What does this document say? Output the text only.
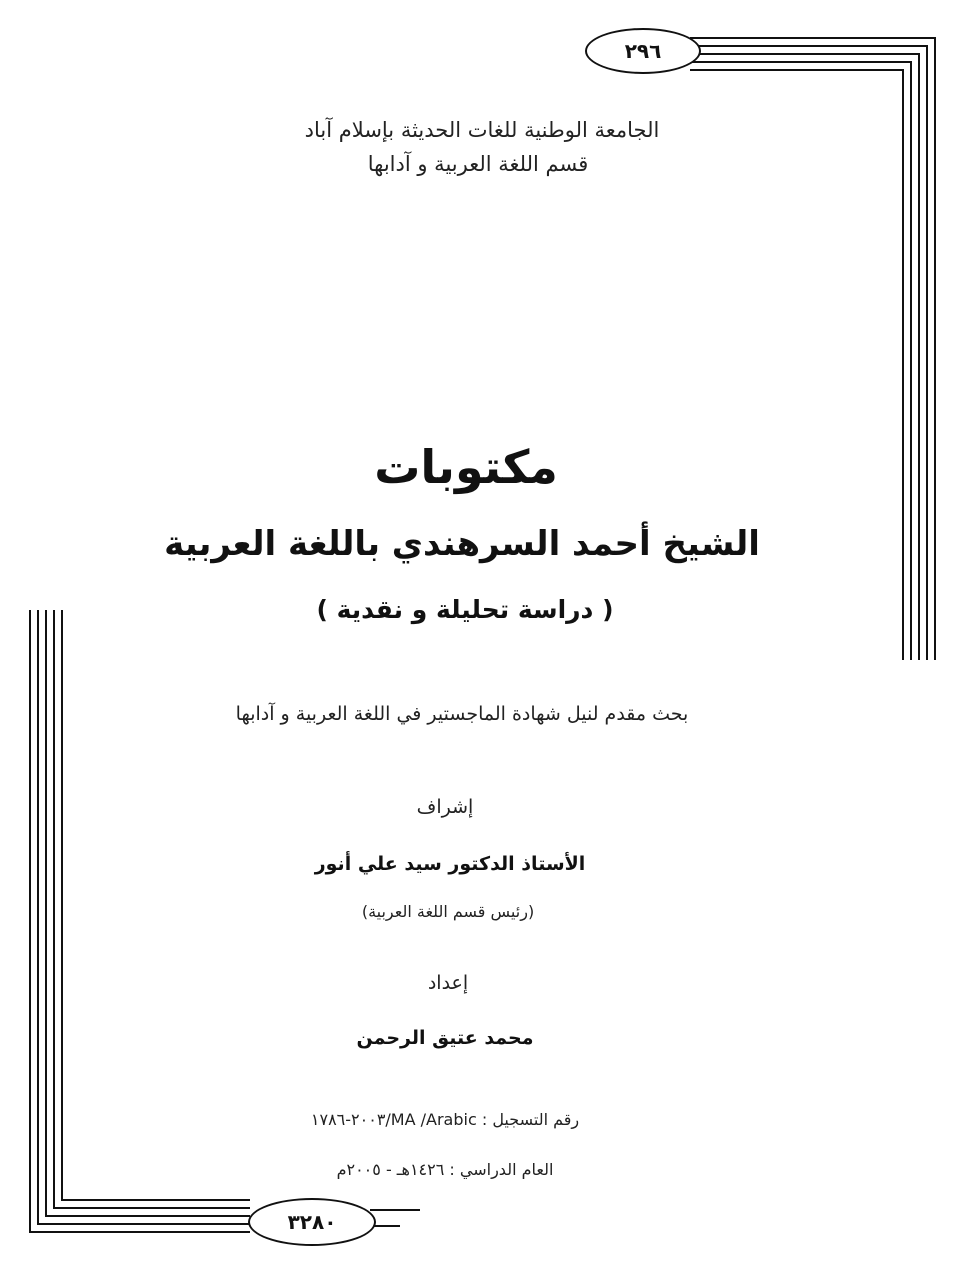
٢٩٦
٣٢٨٠
الجامعة الوطنية للغات الحديثة بإسلام آباد
قسم اللغة العربية و آدابها
مكتوبات
الشيخ أحمد السرهندي باللغة العربية
( دراسة تحليلة و نقدية )
بحث مقدم لنيل شهادة الماجستير في اللغة العربية و آدابها
إشراف
الأستاذ الدكتور سيد علي أنور
(رئيس قسم اللغة العربية)
إعداد
محمد عتيق الرحمن
رقم التسجيل : MA /Arabic/٢٠٠٣-١٧٨٦
العام الدراسي : ١٤٢٦هـ - ٢٠٠٥م
